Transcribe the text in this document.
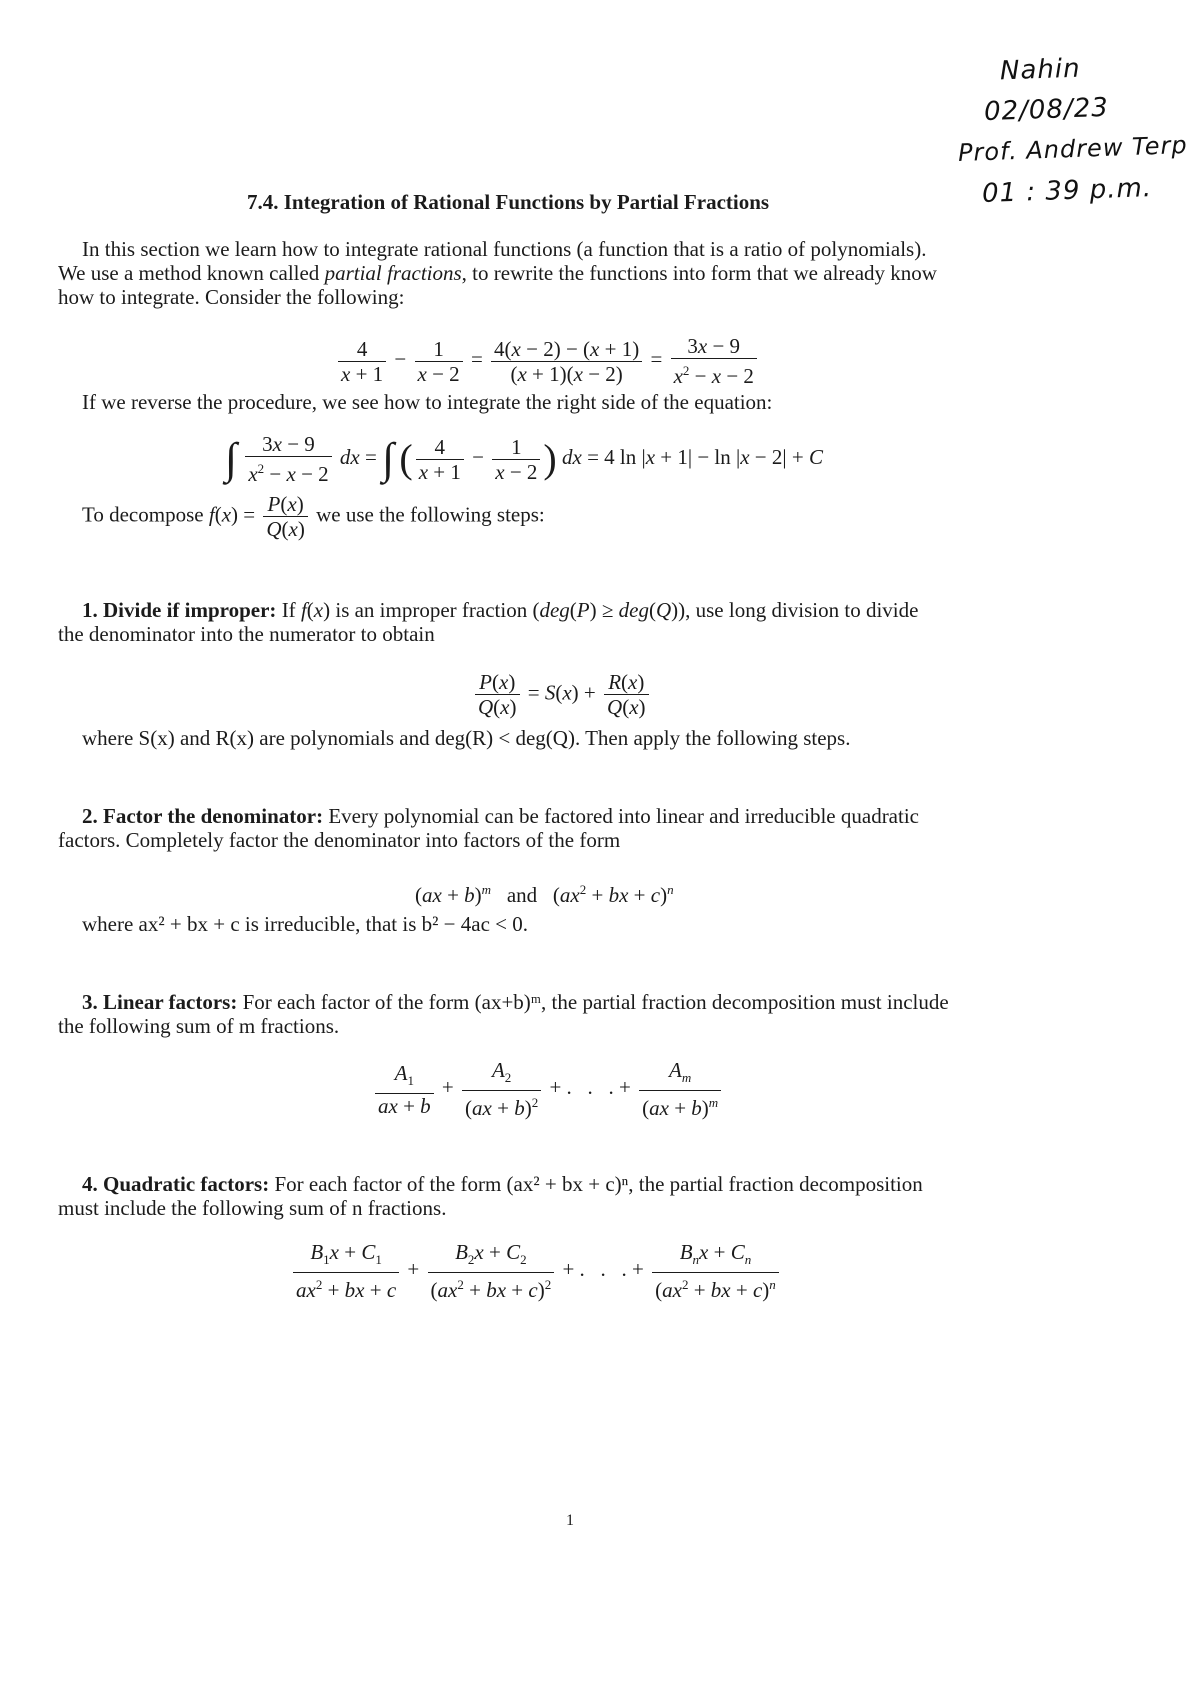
Nahin
02/08/23
Prof. Andrew Terp
01 : 39 p.m.
7.4. Integration of Rational Functions by Partial Fractions
In this section we learn how to integrate rational functions (a function that is a ratio of polynomials).
We use a method known called partial fractions, to rewrite the functions into form that we already know
how to integrate. Consider the following:
$\frac{4}{x + 1} - \frac{1}{x - 2} = \frac{4(x - 2) - (x + 1)}{(x + 1)(x - 2)} = \frac{3x - 9}{x^2 - x - 2}$
If we reverse the procedure, we see how to integrate the right side of the equation:
∫ $\frac{3x - 9}{x^2 - x - 2}$ dx = ∫ ( $\frac{4}{x + 1} - \frac{1}{x - 2}$ ) dx = 4 ln |x + 1| − ln |x − 2| + C
To decompose $f(x) = \frac{P(x)}{Q(x)}$ we use the following steps:
1. Divide if improper: If f(x) is an improper fraction (deg(P) ≥ deg(Q)), use long division to divide
the denominator into the numerator to obtain
$\frac{P(x)}{Q(x)} = S(x) + \frac{R(x)}{Q(x)}$
where S(x) and R(x) are polynomials and deg(R) < deg(Q). Then apply the following steps.
2. Factor the denominator: Every polynomial can be factored into linear and irreducible quadratic
factors. Completely factor the denominator into factors of the form
(ax + b)$^m$   and   ($ax^2$ + bx + c)$^n$
where ax² + bx + c is irreducible, that is b² − 4ac < 0.
3. Linear factors: For each factor of the form (ax+b)ᵐ, the partial fraction decomposition must include
the following sum of m fractions.
$\frac{A_1}{ax + b} + \frac{A_2}{(ax + b)^2}$ + .   .   . + $\frac{A_m}{(ax + b)^m}$
4. Quadratic factors: For each factor of the form (ax² + bx + c)ⁿ, the partial fraction decomposition
must include the following sum of n fractions.
$\frac{B_1x + C_1}{ax^2 + bx + c} + \frac{B_2x + C_2}{(ax^2 + bx + c)^2}$ + .   .   . + $\frac{B_nx + C_n}{(ax^2 + bx + c)^n}$
1
